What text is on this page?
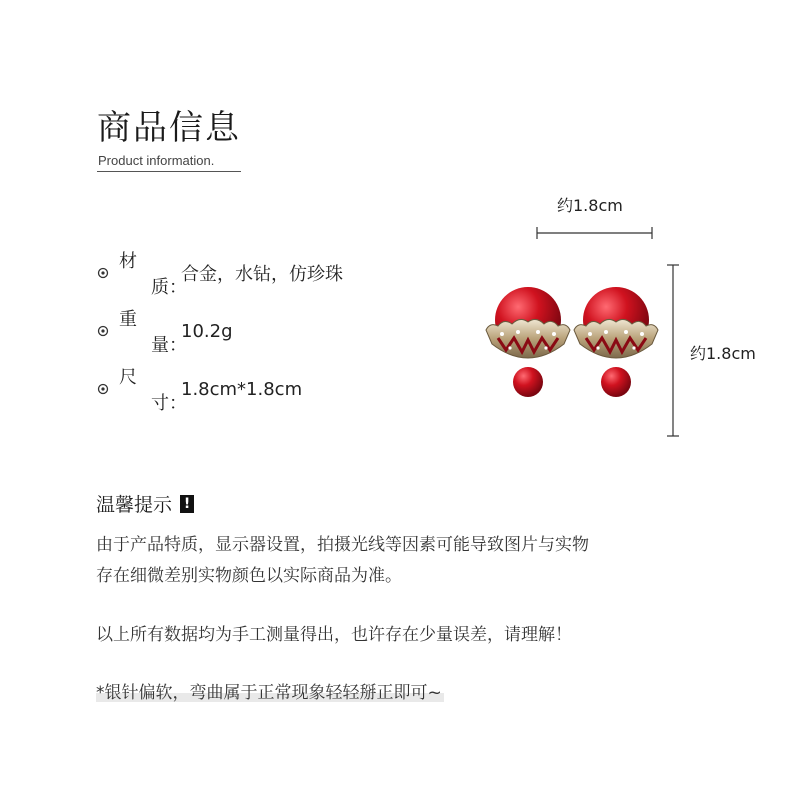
商品信息
Product information.
材质：
合金，水钻，仿珍珠
重量：
10.2g
尺寸：
1.8cm*1.8cm
约1.8cm
约1.8cm
温馨提示 !
由于产品特质，显示器设置，拍摄光线等因素可能导致图片与实物
存在细微差别实物颜色以实际商品为准。
以上所有数据均为手工测量得出，也许存在少量误差，请理解！
*银针偏软，弯曲属于正常现象轻轻掰正即可~
